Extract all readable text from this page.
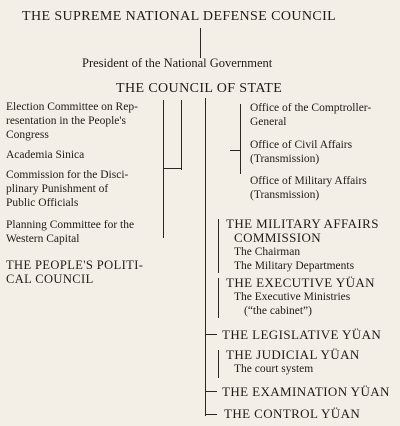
THE SUPREME NATIONAL DEFENSE COUNCIL
President of the National Government
THE COUNCIL OF STATE
Election Committee on Rep-
resentation in the People's
Congress
Academia Sinica
Commission for the Disci-
plinary Punishment of
Public Officials
Planning Committee for the
Western Capital
THE PEOPLE'S POLITI-
CAL COUNCIL
Office of the Comptroller-
General
Office of Civil Affairs
(Transmission)
Office of Military Affairs
(Transmission)
THE MILITARY AFFAIRS
COMMISSION
The Chairman
The Military Departments
THE EXECUTIVE YÜAN
The Executive Ministries
(“the cabinet”)
THE LEGISLATIVE YÜAN
THE JUDICIAL YÜAN
The court system
THE EXAMINATION YÜAN
THE CONTROL YÜAN
